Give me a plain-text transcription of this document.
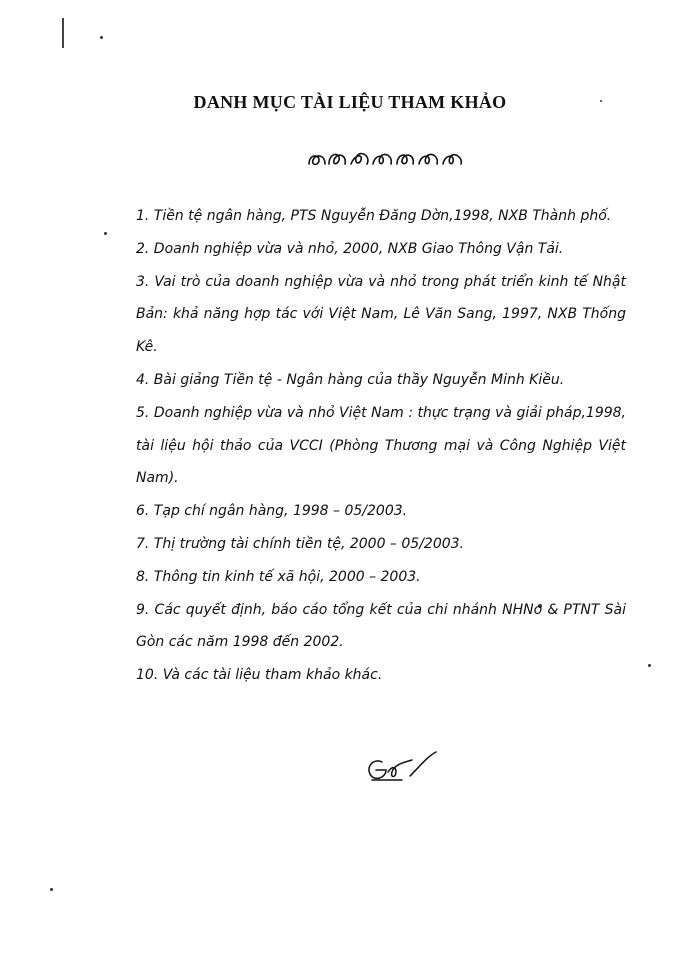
DANH MỤC TÀI LIỆU THAM KHẢO

1. Tiền tệ ngân hàng, PTS Nguyễn Đăng Dờn,1998, NXB Thành phố.

2. Doanh nghiệp vừa và nhỏ, 2000, NXB Giao Thông Vận Tải.

3. Vai trò của doanh nghiệp vừa và nhỏ trong phát triển kinh tế Nhật Bản: khả năng hợp tác với Việt Nam, Lê Văn Sang, 1997, NXB Thống Kê.

4. Bài giảng Tiền tệ - Ngân hàng của thầy Nguyễn Minh Kiều.

5. Doanh nghiệp vừa và nhỏ Việt Nam : thực trạng và giải pháp,1998, tài liệu hội thảo của VCCI (Phòng Thương mại và Công Nghiệp Việt Nam).

6. Tạp chí ngân hàng, 1998 – 05/2003.

7. Thị trường tài chính tiền tệ, 2000 – 05/2003.

8. Thông tin kinh tế xã hội, 2000 – 2003.

9. Các quyết định, báo cáo tổng kết của chi nhánh NHNo & PTNT Sài Gòn các năm 1998 đến 2002.

10. Và các tài liệu tham khảo khác.
